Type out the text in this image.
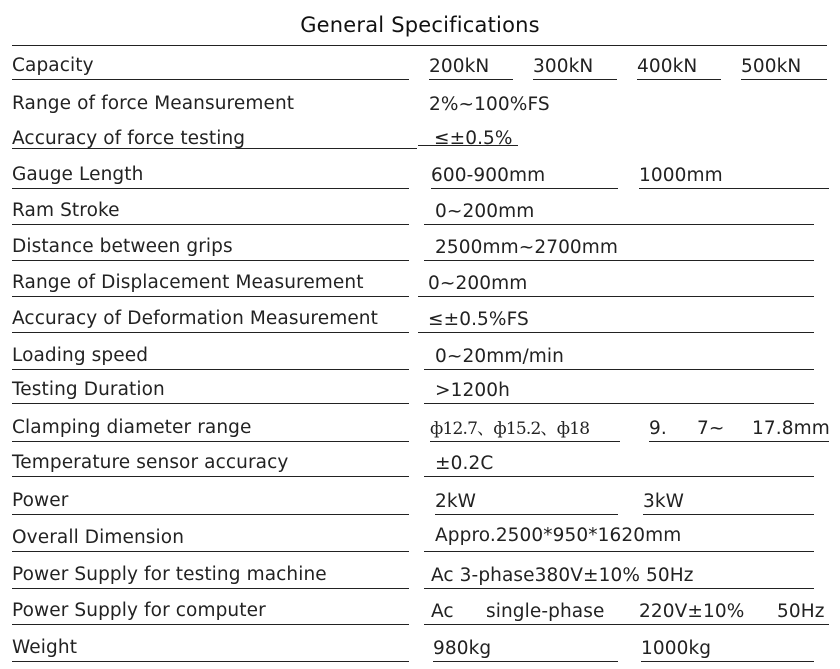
General Specifications
Capacity	200kN 300kN 400kN 500kN
Range of force Meansurement	2%~100%FS
Accuracy of force testing	≤±0.5%
Gauge Length	600-900mm	1000mm
Ram Stroke	0~200mm
Distance between grips	2500mm~2700mm
Range of Displacement Measurement	0~200mm
Accuracy of Deformation Measurement	≤±0.5%FS
Loading speed	0~20mm/min
Testing Duration	>1200h
Clamping diameter range	ф12.7、ф15.2、ф18	9. 7~ 17.8mm
Temperature sensor accuracy	±0.2C
Power	2kW	3kW
Overall Dimension	Appro.2500*950*1620mm
Power Supply for testing machine	Ac 3-phase380V±10% 50Hz
Power Supply for computer	Ac single-phase 220V±10% 50Hz
Weight	980kg	1000kg
